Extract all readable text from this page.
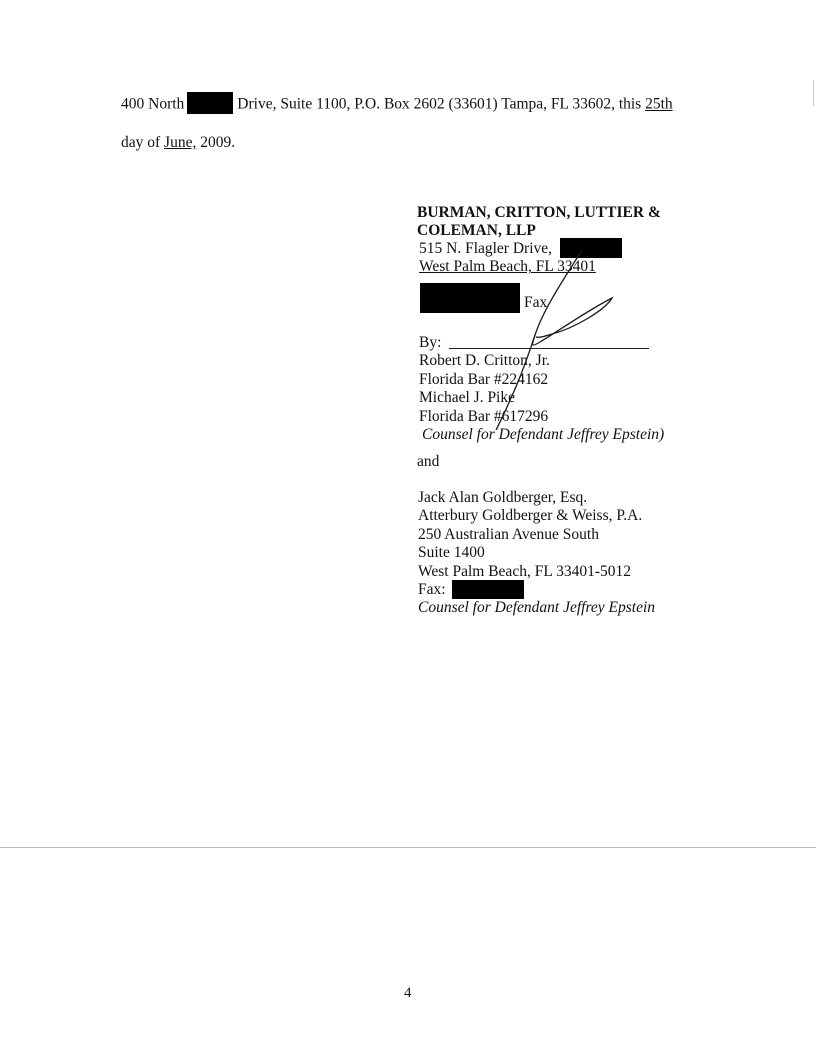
400 North	Drive, Suite 1100, P.O. Box 2602 (33601) Tampa, FL 33602, this 25th
day of June, 2009.
BURMAN, CRITTON, LUTTIER &
COLEMAN, LLP
515 N. Flagler Drive,
West Palm Beach, FL 33401
Fax
By:
Robert D. Critton, Jr.
Florida Bar #224162
Michael J. Pike
Florida Bar #617296
Counsel for Defendant Jeffrey Epstein)
and
Jack Alan Goldberger, Esq.
Atterbury Goldberger & Weiss, P.A.
250 Australian Avenue South
Suite 1400
West Palm Beach, FL 33401-5012
Fax:
Counsel for Defendant Jeffrey Epstein
4
